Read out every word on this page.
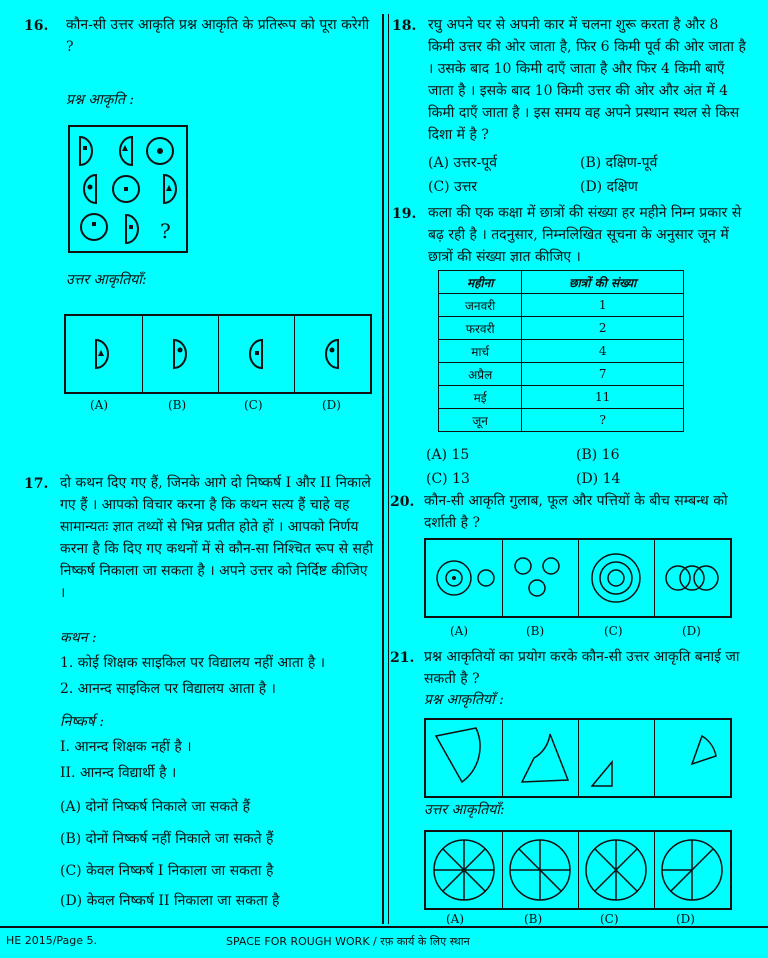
16. कौन-सी उत्तर आकृति प्रश्न आकृति के प्रतिरूप को पूरा करेगी ?
प्रश्न आकृति :
?
उत्तर आकृतियाँ:
(A)	(B)	(C)	(D)
17. दो कथन दिए गए हैं, जिनके आगे दो निष्कर्ष I और II निकाले गए हैं । आपको विचार करना है कि कथन सत्य हैं चाहे वह सामान्यतः ज्ञात तथ्यों से भिन्न प्रतीत होते हों । आपको निर्णय करना है कि दिए गए कथनों में से कौन-सा निश्चित रूप से सही निष्कर्ष निकाला जा सकता है । अपने उत्तर को निर्दिष्ट कीजिए ।
कथन :
1. कोई शिक्षक साइकिल पर विद्यालय नहीं आता है ।
2. आनन्द साइकिल पर विद्यालय आता है ।
निष्कर्ष :
I. आनन्द शिक्षक नहीं है ।
II. आनन्द विद्यार्थी है ।
(A) दोनों निष्कर्ष निकाले जा सकते हैं
(B) दोनों निष्कर्ष नहीं निकाले जा सकते हैं
(C) केवल निष्कर्ष I निकाला जा सकता है
(D) केवल निष्कर्ष II निकाला जा सकता है
18. रघु अपने घर से अपनी कार में चलना शुरू करता है और 8 किमी उत्तर की ओर जाता है, फिर 6 किमी पूर्व की ओर जाता है । उसके बाद 10 किमी दाएँ जाता है और फिर 4 किमी बाएँ जाता है । इसके बाद 10 किमी उत्तर की ओर और अंत में 4 किमी दाएँ जाता है । इस समय वह अपने प्रस्थान स्थल से किस दिशा में है ?
(A) उत्तर-पूर्व	(B) दक्षिण-पूर्व
(C) उत्तर	(D) दक्षिण
19. कला की एक कक्षा में छात्रों की संख्या हर महीने निम्न प्रकार से बढ़ रही है । तदनुसार, निम्नलिखित सूचना के अनुसार जून में छात्रों की संख्या ज्ञात कीजिए ।
महीना	छात्रों की संख्या
जनवरी	1
फरवरी	2
मार्च	4
अप्रैल	7
मई	11
जून	?
(A) 15	(B) 16
(C) 13	(D) 14
20. कौन-सी आकृति गुलाब, फूल और पत्तियों के बीच सम्बन्ध को दर्शाती है ?
(A)	(B)	(C)	(D)
21. प्रश्न आकृतियों का प्रयोग करके कौन-सी उत्तर आकृति बनाई जा सकती है ?
प्रश्न आकृतियाँ :
उत्तर आकृतियाँ:
(A)	(B)	(C)	(D)
HE 2015/Page 5.	SPACE FOR ROUGH WORK / रफ़ कार्य के लिए स्थान
